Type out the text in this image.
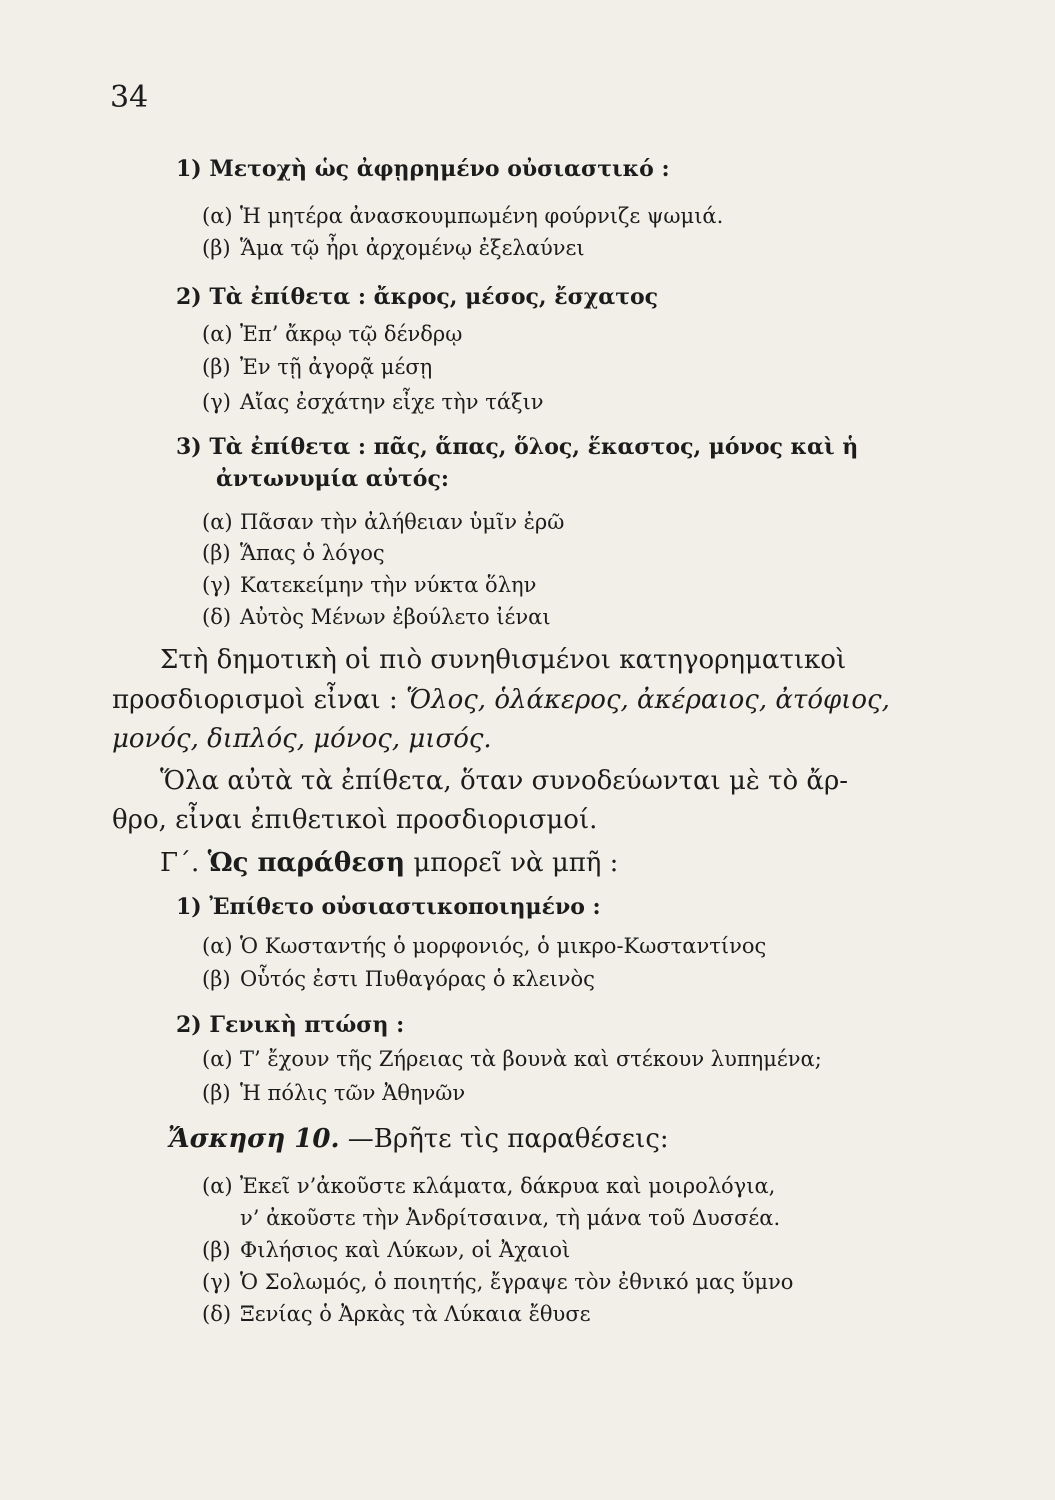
34
1) Μετοχὴ ὡς ἀφῃρημένο οὐσιαστικό :
(α) Ἡ μητέρα ἀνασκουμπωμένη φούρνιζε ψωμιά.
(β) Ἅμα τῷ ἦρι ἀρχομένῳ ἐξελαύνει
2) Τὰ ἐπίθετα : ἄκρος, μέσος, ἔσχατος
(α) Ἐπ’ ἄκρῳ τῷ δένδρῳ
(β) Ἐν τῇ ἀγορᾷ μέσῃ
(γ) Αἴας ἐσχάτην εἶχε τὴν τάξιν
3) Τὰ ἐπίθετα : πᾶς, ἅπας, ὅλος, ἕκαστος, μόνος καὶ ἡ
ἀντωνυμία αὐτός:
(α) Πᾶσαν τὴν ἀλήθειαν ὑμῖν ἐρῶ
(β) Ἅπας ὁ λόγος
(γ) Κατεκείμην τὴν νύκτα ὅλην
(δ) Αὐτὸς Μένων ἐβούλετο ἰέναι
Στὴ δημοτικὴ οἱ πιὸ συνηθισμένοι κατηγορηματικοὶ
προσδιορισμοὶ εἶναι : Ὅλος, ὁλάκερος, ἀκέραιος, ἀτόφιος,
μονός, διπλός, μόνος, μισός.
Ὅλα αὐτὰ τὰ ἐπίθετα, ὅταν συνοδεύωνται μὲ τὸ ἄρ-
θρο, εἶναι ἐπιθετικοὶ προσδιορισμοί.
Γ΄. Ὡς παράθεση μπορεῖ νὰ μπῆ :
1) Ἐπίθετο οὐσιαστικοποιημένο :
(α) Ὁ Κωσταντής ὁ μορφονιός, ὁ μικρο-Κωσταντίνος
(β) Οὗτός ἐστι Πυθαγόρας ὁ κλεινὸς
2) Γενικὴ πτώση :
(α) Τ’ ἔχουν τῆς Ζήρειας τὰ βουνὰ καὶ στέκουν λυπημένα;
(β) Ἡ πόλις τῶν Ἀθηνῶν
Ἄσκηση 10. —Βρῆτε τὶς παραθέσεις:
(α) Ἐκεῖ ν’ἀκοῦστε κλάματα, δάκρυα καὶ μοιρολόγια,
ν’ ἀκοῦστε τὴν Ἀνδρίτσαινα, τὴ μάνα τοῦ Δυσσέα.
(β) Φιλήσιος καὶ Λύκων, οἱ Ἀχαιοὶ
(γ) Ὁ Σολωμός, ὁ ποιητής, ἔγραψε τὸν ἐθνικό μας ὕμνο
(δ) Ξενίας ὁ Ἀρκὰς τὰ Λύκαια ἔθυσε
